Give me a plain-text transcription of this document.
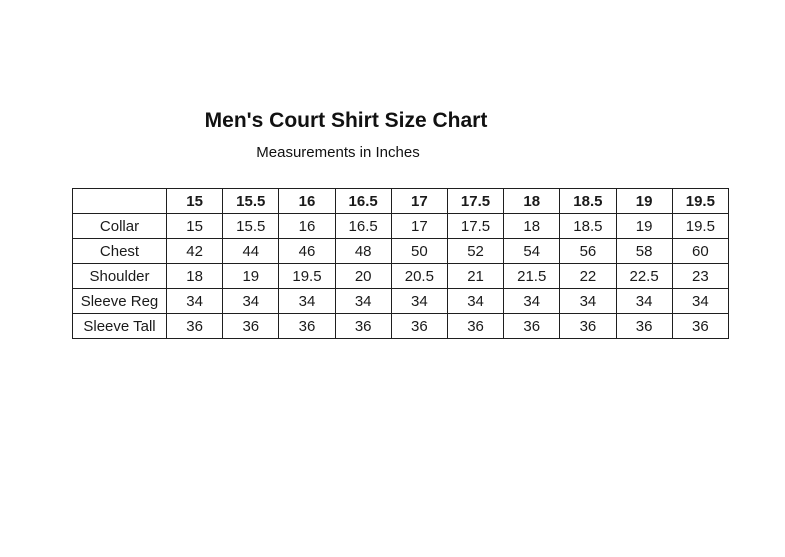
Men's Court Shirt Size Chart
Measurements in Inches
	15	15.5	16	16.5	17	17.5	18	18.5	19	19.5
Collar	15	15.5	16	16.5	17	17.5	18	18.5	19	19.5
Chest	42	44	46	48	50	52	54	56	58	60
Shoulder	18	19	19.5	20	20.5	21	21.5	22	22.5	23
Sleeve Reg	34	34	34	34	34	34	34	34	34	34
Sleeve Tall	36	36	36	36	36	36	36	36	36	36
